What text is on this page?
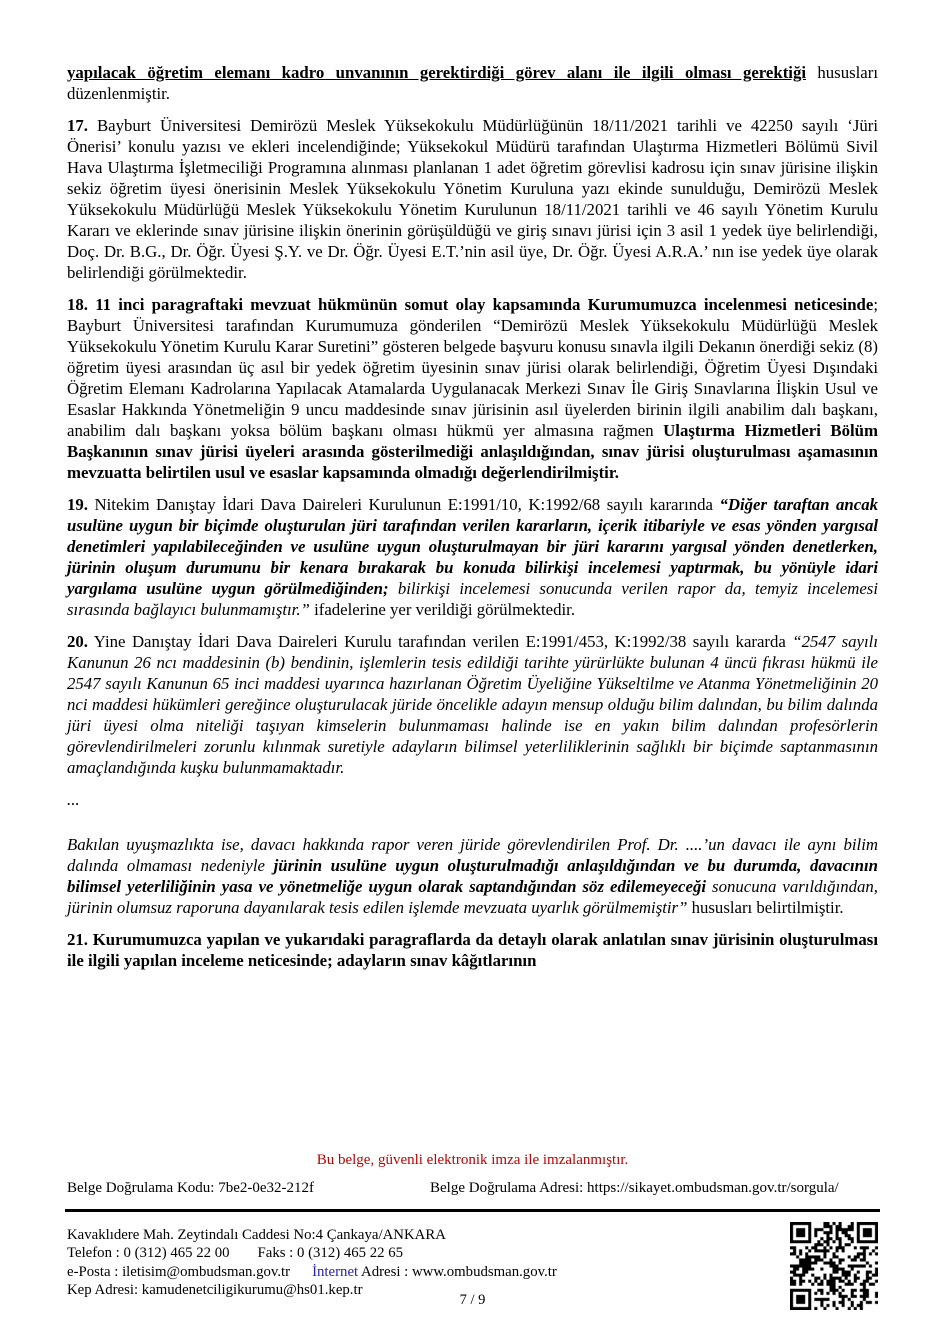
yapılacak öğretim elemanı kadro unvanının gerektirdiği görev alanı ile ilgili olması gerektiği hususları düzenlenmiştir.

17. Bayburt Üniversitesi Demirözü Meslek Yüksekokulu Müdürlüğünün 18/11/2021 tarihli ve 42250 sayılı ‘Jüri Önerisi’ konulu yazısı ve ekleri incelendiğinde; Yüksekokul Müdürü tarafından Ulaştırma Hizmetleri Bölümü Sivil Hava Ulaştırma İşletmeciliği Programına alınması planlanan 1 adet öğretim görevlisi kadrosu için sınav jürisine ilişkin sekiz öğretim üyesi önerisinin Meslek Yüksekokulu Yönetim Kuruluna yazı ekinde sunulduğu, Demirözü Meslek Yüksekokulu Müdürlüğü Meslek Yüksekokulu Yönetim Kurulunun 18/11/2021 tarihli ve 46 sayılı Yönetim Kurulu Kararı ve eklerinde sınav jürisine ilişkin önerinin görüşüldüğü ve giriş sınavı jürisi için 3 asil 1 yedek üye belirlendiği, Doç. Dr. B.G., Dr. Öğr. Üyesi Ş.Y. ve Dr. Öğr. Üyesi E.T.’nin asil üye, Dr. Öğr. Üyesi A.R.A.’ nın ise yedek üye olarak belirlendiği görülmektedir.

18. 11 inci paragraftaki mevzuat hükmünün somut olay kapsamında Kurumumuzca incelenmesi neticesinde; Bayburt Üniversitesi tarafından Kurumumuza gönderilen “Demirözü Meslek Yüksekokulu Müdürlüğü Meslek Yüksekokulu Yönetim Kurulu Karar Suretini” gösteren belgede başvuru konusu sınavla ilgili Dekanın önerdiği sekiz (8) öğretim üyesi arasından üç asıl bir yedek öğretim üyesinin sınav jürisi olarak belirlendiği, Öğretim Üyesi Dışındaki Öğretim Elemanı Kadrolarına Yapılacak Atamalarda Uygulanacak Merkezi Sınav İle Giriş Sınavlarına İlişkin Usul ve Esaslar Hakkında Yönetmeliğin 9 uncu maddesinde sınav jürisinin asıl üyelerden birinin ilgili anabilim dalı başkanı, anabilim dalı başkanı yoksa bölüm başkanı olması hükmü yer almasına rağmen Ulaştırma Hizmetleri Bölüm Başkanının sınav jürisi üyeleri arasında gösterilmediği anlaşıldığından, sınav jürisi oluşturulması aşamasının mevzuatta belirtilen usul ve esaslar kapsamında olmadığı değerlendirilmiştir.

19. Nitekim Danıştay İdari Dava Daireleri Kurulunun E:1991/10, K:1992/68 sayılı kararında “Diğer taraftan ancak usulüne uygun bir biçimde oluşturulan jüri tarafından verilen kararların, içerik itibariyle ve esas yönden yargısal denetimleri yapılabileceğinden ve usulüne uygun oluşturulmayan bir jüri kararını yargısal yönden denetlerken, jürinin oluşum durumunu bir kenara bırakarak bu konuda bilirkişi incelemesi yaptırmak, bu yönüyle idari yargılama usulüne uygun görülmediğinden; bilirkişi incelemesi sonucunda verilen rapor da, temyiz incelemesi sırasında bağlayıcı bulunmamıştır.” ifadelerine yer verildiği görülmektedir.

20. Yine Danıştay İdari Dava Daireleri Kurulu tarafından verilen E:1991/453, K:1992/38 sayılı kararda “2547 sayılı Kanunun 26 ncı maddesinin (b) bendinin, işlemlerin tesis edildiği tarihte yürürlükte bulunan 4 üncü fıkrası hükmü ile 2547 sayılı Kanunun 65 inci maddesi uyarınca hazırlanan Öğretim Üyeliğine Yükseltilme ve Atanma Yönetmeliğinin 20 nci maddesi hükümleri gereğince oluşturulacak jüride öncelikle adayın mensup olduğu bilim dalından, bu bilim dalında jüri üyesi olma niteliği taşıyan kimselerin bulunmaması halinde ise en yakın bilim dalından profesörlerin görevlendirilmeleri zorunlu kılınmak suretiyle adayların bilimsel yeterliliklerinin sağlıklı bir biçimde saptanmasının amaçlandığında kuşku bulunmamaktadır.

...

Bakılan uyuşmazlıkta ise, davacı hakkında rapor veren jüride görevlendirilen Prof. Dr. ....’un davacı ile aynı bilim dalında olmaması nedeniyle jürinin usulüne uygun oluşturulmadığı anlaşıldığından ve bu durumda, davacının bilimsel yeterliliğinin yasa ve yönetmeliğe uygun olarak saptandığından söz edilemeyeceği sonucuna varıldığından, jürinin olumsuz raporuna dayanılarak tesis edilen işlemde mevzuata uyarlık görülmemiştir” hususları belirtilmiştir.

21. Kurumumuzca yapılan ve yukarıdaki paragraflarda da detaylı olarak anlatılan sınav jürisinin oluşturulması ile ilgili yapılan inceleme neticesinde; adayların sınav kâğıtlarının

Bu belge, güvenli elektronik imza ile imzalanmıştır.
Belge Doğrulama Kodu: 7be2-0e32-212f	Belge Doğrulama Adresi: https://sikayet.ombudsman.gov.tr/sorgula/
Kavaklıdere Mah. Zeytindalı Caddesi No:4 Çankaya/ANKARA
Telefon : 0 (312) 465 22 00 Faks : 0 (312) 465 22 65
e-Posta : iletisim@ombudsman.gov.tr İnternet Adresi : www.ombudsman.gov.tr
Kep Adresi: kamudenetciligikurumu@hs01.kep.tr
7 / 9
